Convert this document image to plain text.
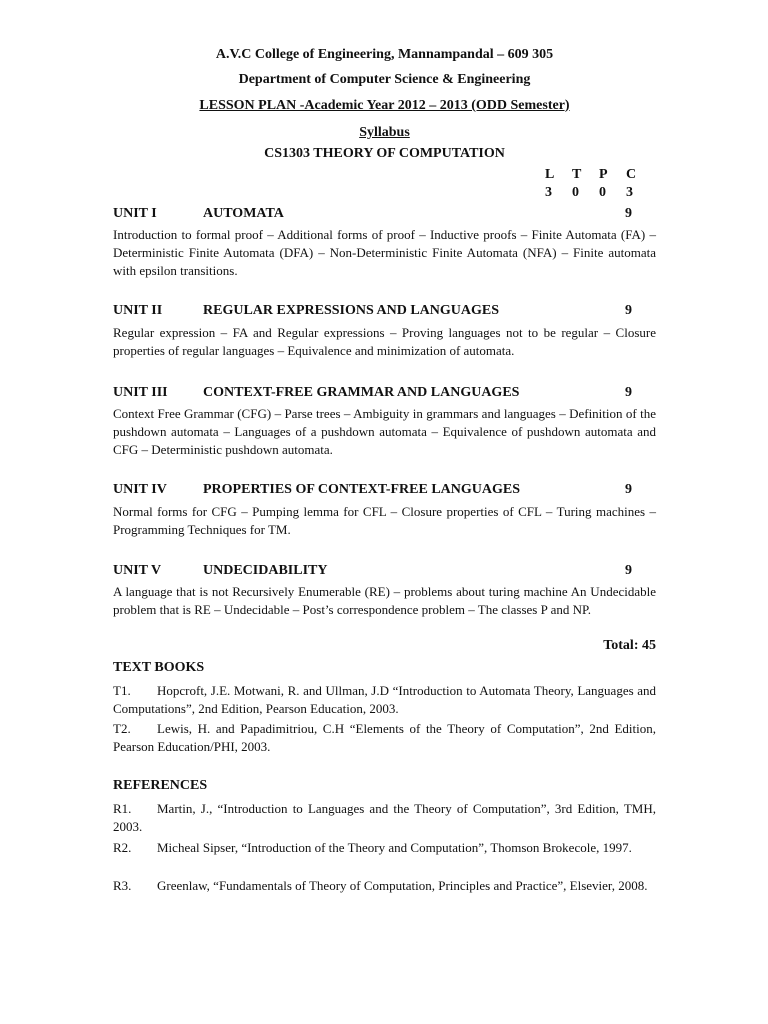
A.V.C College of Engineering, Mannampandal – 609 305
Department of Computer Science & Engineering
LESSON PLAN -Academic Year 2012 – 2013 (ODD Semester)
Syllabus
CS1303 THEORY OF COMPUTATION
L T P C
3 0 0 3
UNIT I	AUTOMATA	9
Introduction to formal proof – Additional forms of proof – Inductive proofs – Finite Automata (FA) – Deterministic Finite Automata (DFA) – Non-Deterministic Finite Automata (NFA) – Finite automata with epsilon transitions.
UNIT II	REGULAR EXPRESSIONS AND LANGUAGES	9
Regular expression – FA and Regular expressions – Proving languages not to be regular – Closure properties of regular languages – Equivalence and minimization of automata.
UNIT III	CONTEXT-FREE GRAMMAR AND LANGUAGES	9
Context Free Grammar (CFG) – Parse trees – Ambiguity in grammars and languages – Definition of the pushdown automata – Languages of a pushdown automata – Equivalence of pushdown automata and CFG – Deterministic pushdown automata.
UNIT IV	PROPERTIES OF CONTEXT-FREE LANGUAGES	9
Normal forms for CFG – Pumping lemma for CFL – Closure properties of CFL – Turing machines – Programming Techniques for TM.
UNIT V	UNDECIDABILITY	9
A language that is not Recursively Enumerable (RE) – problems about turing machine An Undecidable problem that is RE – Undecidable – Post’s correspondence problem – The classes P and NP.
Total: 45
TEXT BOOKS
T1. Hopcroft, J.E. Motwani, R. and Ullman, J.D “Introduction to Automata Theory, Languages and Computations”, 2nd Edition, Pearson Education, 2003.
T2. Lewis, H. and Papadimitriou, C.H “Elements of the Theory of Computation”, 2nd Edition, Pearson Education/PHI, 2003.
REFERENCES
R1. Martin, J., “Introduction to Languages and the Theory of Computation”, 3rd Edition, TMH, 2003.
R2. Micheal Sipser, “Introduction of the Theory and Computation”, Thomson Brokecole, 1997.
R3. Greenlaw, “Fundamentals of Theory of Computation, Principles and Practice”, Elsevier, 2008.
